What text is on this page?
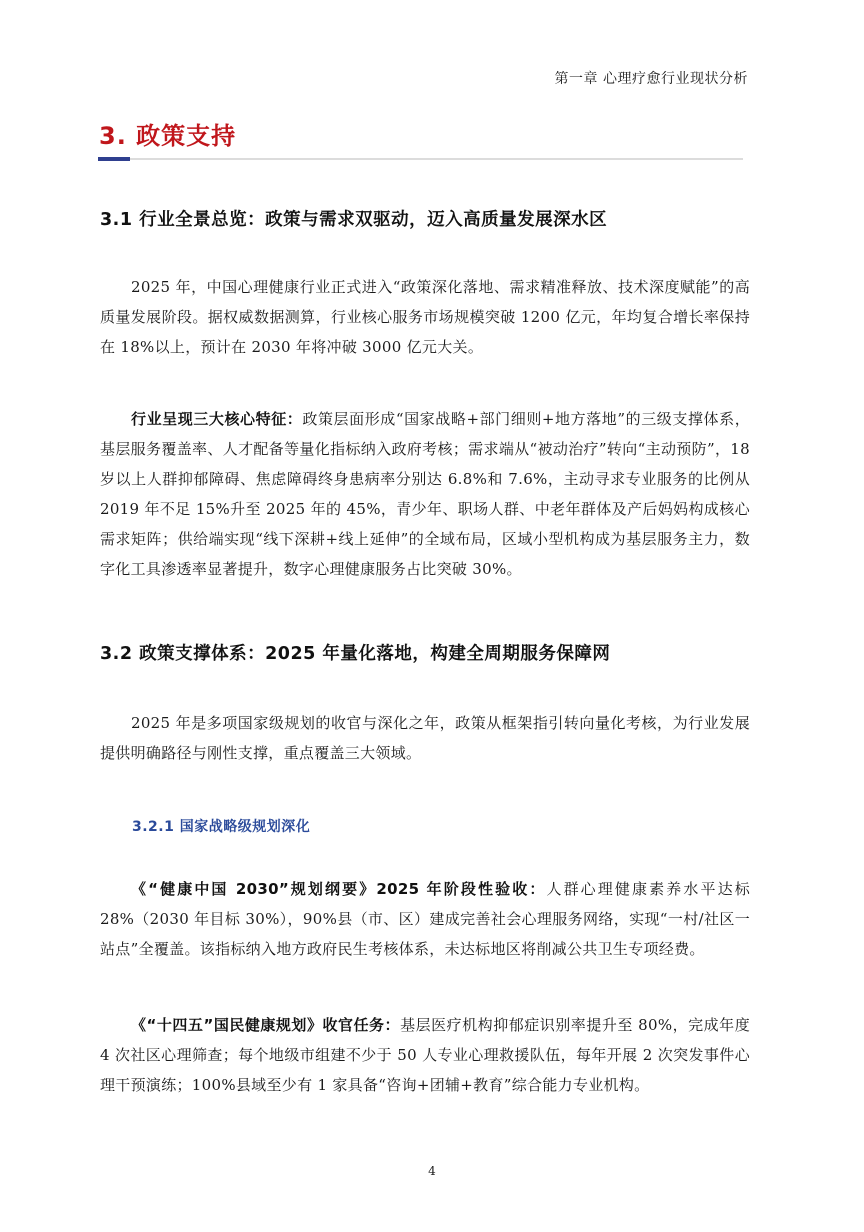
第一章 心理疗愈行业现状分析
3. 政策支持
3.1 行业全景总览：政策与需求双驱动，迈入高质量发展深水区
2025 年，中国心理健康行业正式进入“政策深化落地、需求精准释放、技术深度赋能”的高质量发展阶段。据权威数据测算，行业核心服务市场规模突破 1200 亿元，年均复合增长率保持在 18%以上，预计在 2030 年将冲破 3000 亿元大关。
行业呈现三大核心特征：政策层面形成“国家战略+部门细则+地方落地”的三级支撑体系，基层服务覆盖率、人才配备等量化指标纳入政府考核；需求端从“被动治疗”转向“主动预防”，18 岁以上人群抑郁障碍、焦虑障碍终身患病率分别达 6.8%和 7.6%，主动寻求专业服务的比例从 2019 年不足 15%升至 2025 年的 45%，青少年、职场人群、中老年群体及产后妈妈构成核心需求矩阵；供给端实现“线下深耕+线上延伸”的全域布局，区域小型机构成为基层服务主力，数字化工具渗透率显著提升，数字心理健康服务占比突破 30%。
3.2 政策支撑体系：2025 年量化落地，构建全周期服务保障网
2025 年是多项国家级规划的收官与深化之年，政策从框架指引转向量化考核，为行业发展提供明确路径与刚性支撑，重点覆盖三大领域。
3.2.1 国家战略级规划深化
《“健康中国 2030”规划纲要》2025 年阶段性验收：人群心理健康素养水平达标 28%（2030 年目标 30%），90%县（市、区）建成完善社会心理服务网络，实现“一村/社区一站点”全覆盖。该指标纳入地方政府民生考核体系，未达标地区将削减公共卫生专项经费。
《“十四五”国民健康规划》收官任务：基层医疗机构抑郁症识别率提升至 80%，完成年度 4 次社区心理筛查；每个地级市组建不少于 50 人专业心理救援队伍，每年开展 2 次突发事件心理干预演练；100%县域至少有 1 家具备“咨询+团辅+教育”综合能力专业机构。
4
